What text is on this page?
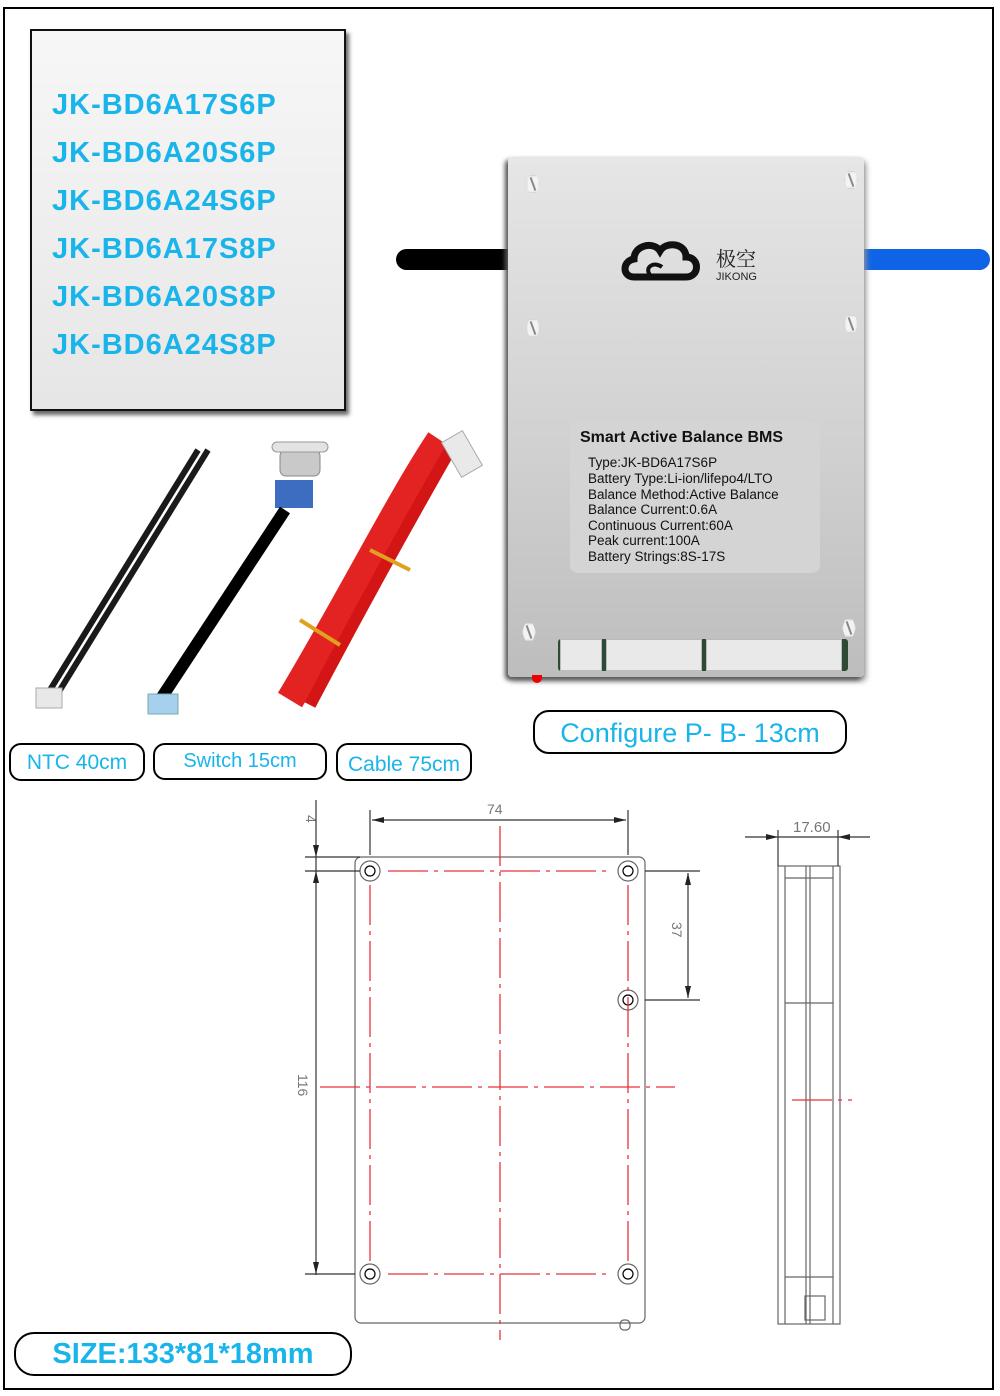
JK-BD6A17S6P
JK-BD6A20S6P
JK-BD6A24S6P
JK-BD6A17S8P
JK-BD6A20S8P
JK-BD6A24S8P
极空
JIKONG
Smart Active Balance BMS
Type:JK-BD6A17S6P
Battery Type:Li-ion/lifepo4/LTO
Balance Method:Active Balance
Balance Current:0.6A
Continuous Current:60A
Peak current:100A
Battery Strings:8S-17S
NTC 40cm	Switch 15cm	Cable 75cm
Configure P- B- 13cm
74
17.60
4
37
116
SIZE:133*81*18mm
